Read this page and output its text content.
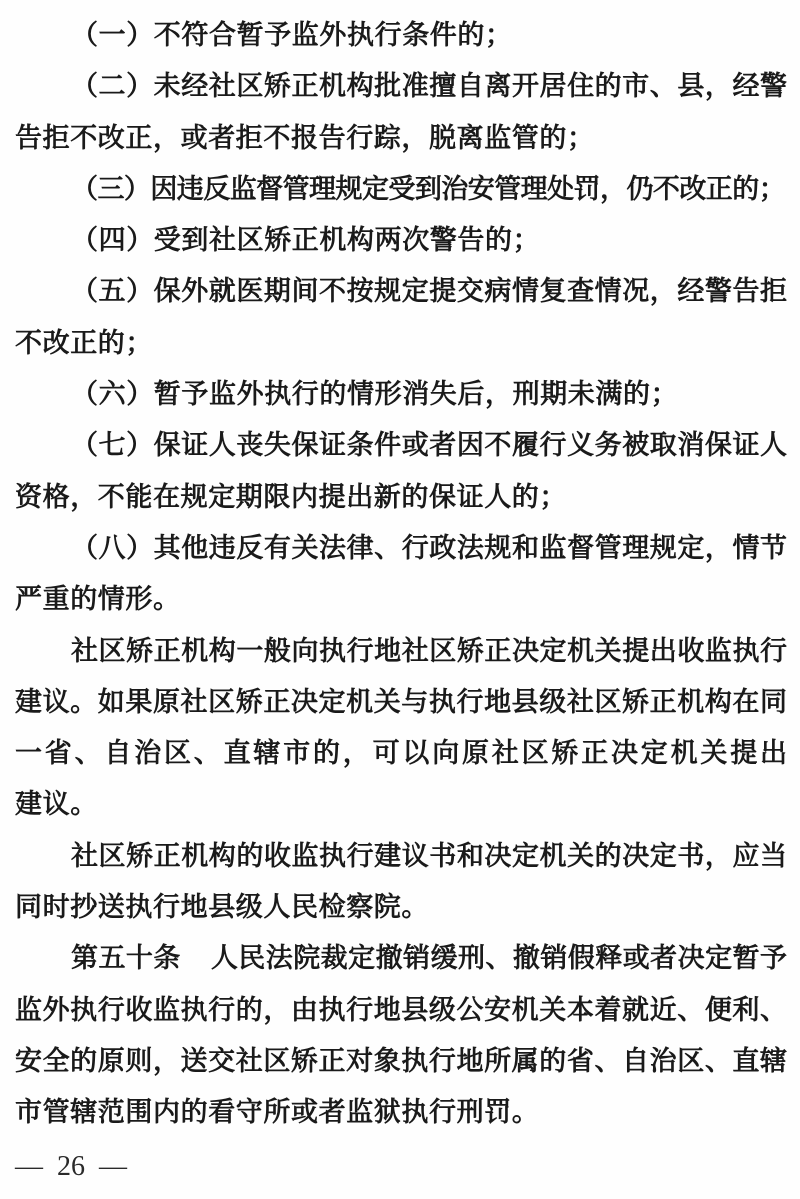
（一）不符合暂予监外执行条件的；
（二）未经社区矫正机构批准擅自离开居住的市、县，经警
告拒不改正，或者拒不报告行踪，脱离监管的；
（三）因违反监督管理规定受到治安管理处罚，仍不改正的；
（四）受到社区矫正机构两次警告的；
（五）保外就医期间不按规定提交病情复查情况，经警告拒
不改正的；
（六）暂予监外执行的情形消失后，刑期未满的；
（七）保证人丧失保证条件或者因不履行义务被取消保证人
资格，不能在规定期限内提出新的保证人的；
（八）其他违反有关法律、行政法规和监督管理规定，情节
严重的情形。
社区矫正机构一般向执行地社区矫正决定机关提出收监执行
建议。如果原社区矫正决定机关与执行地县级社区矫正机构在同
一省、自治区、直辖市的，可以向原社区矫正决定机关提出
建议。
社区矫正机构的收监执行建议书和决定机关的决定书，应当
同时抄送执行地县级人民检察院。
第五十条 人民法院裁定撤销缓刑、撤销假释或者决定暂予
监外执行收监执行的，由执行地县级公安机关本着就近、便利、
安全的原则，送交社区矫正对象执行地所属的省、自治区、直辖
市管辖范围内的看守所或者监狱执行刑罚。
— 26 —
